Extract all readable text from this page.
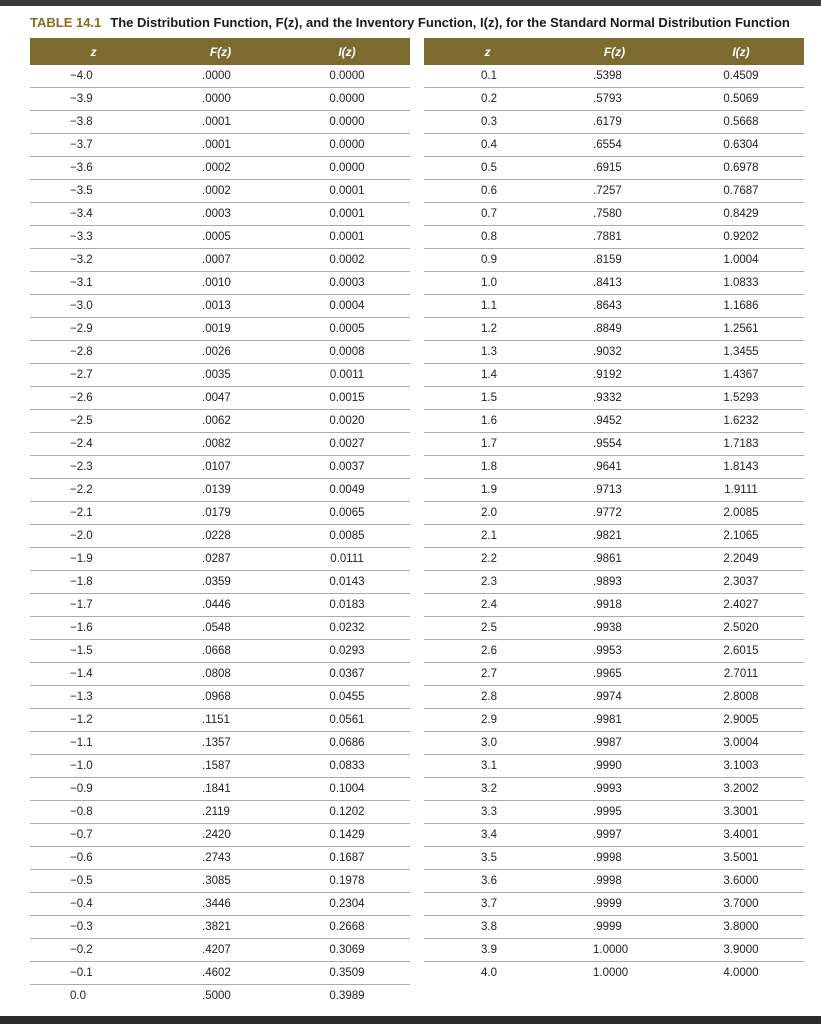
TABLE 14.1 The Distribution Function, F(z), and the Inventory Function, I(z), for the Standard Normal Distribution Function
z	F(z)	I(z)
−4.0	.0000	0.0000
−3.9	.0000	0.0000
−3.8	.0001	0.0000
−3.7	.0001	0.0000
−3.6	.0002	0.0000
−3.5	.0002	0.0001
−3.4	.0003	0.0001
−3.3	.0005	0.0001
−3.2	.0007	0.0002
−3.1	.0010	0.0003
−3.0	.0013	0.0004
−2.9	.0019	0.0005
−2.8	.0026	0.0008
−2.7	.0035	0.0011
−2.6	.0047	0.0015
−2.5	.0062	0.0020
−2.4	.0082	0.0027
−2.3	.0107	0.0037
−2.2	.0139	0.0049
−2.1	.0179	0.0065
−2.0	.0228	0.0085
−1.9	.0287	0.0111
−1.8	.0359	0.0143
−1.7	.0446	0.0183
−1.6	.0548	0.0232
−1.5	.0668	0.0293
−1.4	.0808	0.0367
−1.3	.0968	0.0455
−1.2	.1151	0.0561
−1.1	.1357	0.0686
−1.0	.1587	0.0833
−0.9	.1841	0.1004
−0.8	.2119	0.1202
−0.7	.2420	0.1429
−0.6	.2743	0.1687
−0.5	.3085	0.1978
−0.4	.3446	0.2304
−0.3	.3821	0.2668
−0.2	.4207	0.3069
−0.1	.4602	0.3509
0.0	.5000	0.3989
z	F(z)	I(z)
0.1	.5398	0.4509
0.2	.5793	0.5069
0.3	.6179	0.5668
0.4	.6554	0.6304
0.5	.6915	0.6978
0.6	.7257	0.7687
0.7	.7580	0.8429
0.8	.7881	0.9202
0.9	.8159	1.0004
1.0	.8413	1.0833
1.1	.8643	1.1686
1.2	.8849	1.2561
1.3	.9032	1.3455
1.4	.9192	1.4367
1.5	.9332	1.5293
1.6	.9452	1.6232
1.7	.9554	1.7183
1.8	.9641	1.8143
1.9	.9713	1.9111
2.0	.9772	2.0085
2.1	.9821	2.1065
2.2	.9861	2.2049
2.3	.9893	2.3037
2.4	.9918	2.4027
2.5	.9938	2.5020
2.6	.9953	2.6015
2.7	.9965	2.7011
2.8	.9974	2.8008
2.9	.9981	2.9005
3.0	.9987	3.0004
3.1	.9990	3.1003
3.2	.9993	3.2002
3.3	.9995	3.3001
3.4	.9997	3.4001
3.5	.9998	3.5001
3.6	.9998	3.6000
3.7	.9999	3.7000
3.8	.9999	3.8000
3.9	1.0000	3.9000
4.0	1.0000	4.0000
